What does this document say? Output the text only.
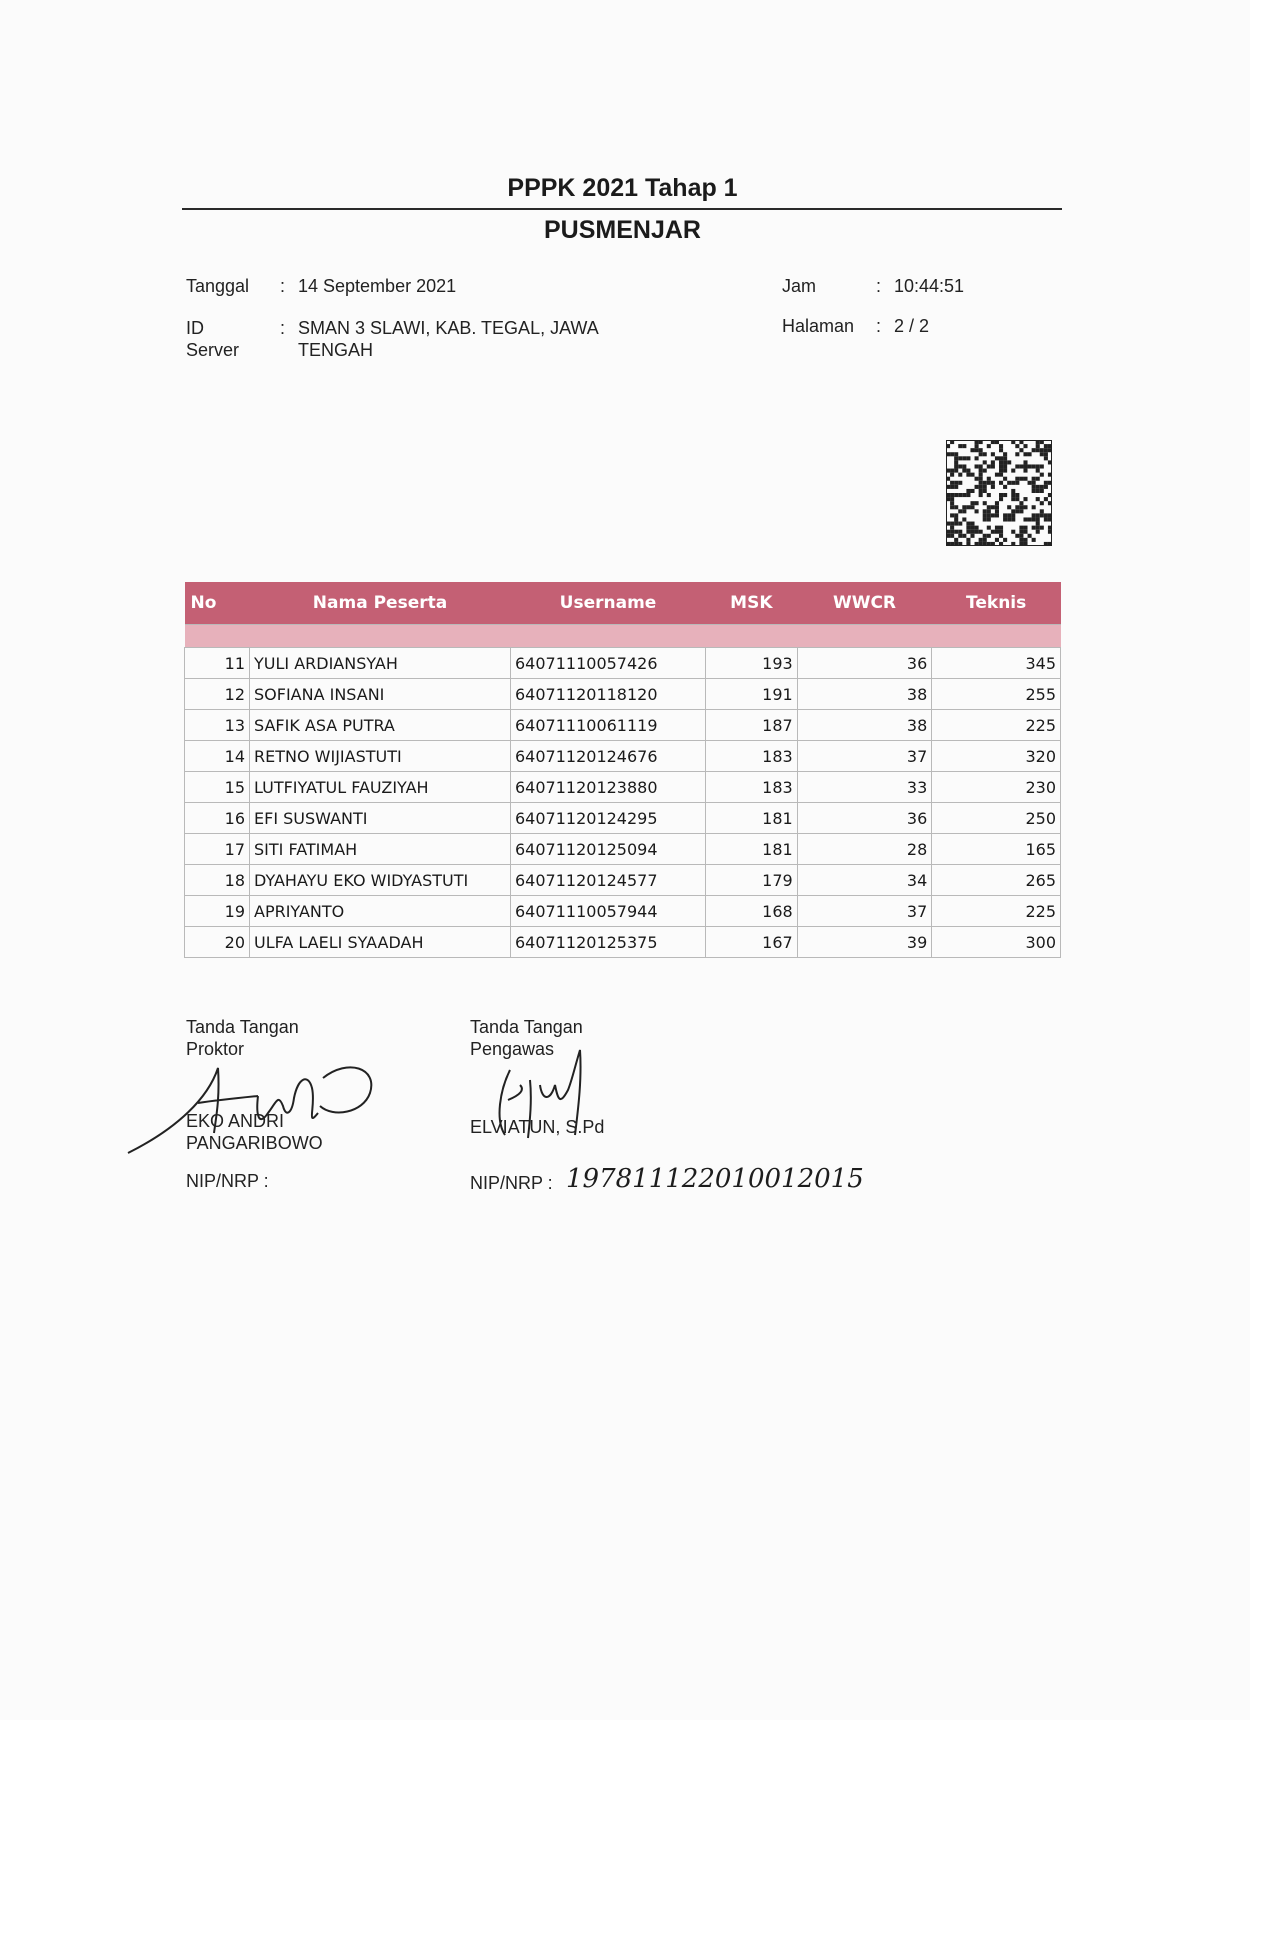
PPPK 2021 Tahap 1
PUSMENJAR
Tanggal : 14 September 2021
ID
Server
: SMAN 3 SLAWI, KAB. TEGAL, JAWA
TENGAH
Jam	: 10:44:51
Halaman : 2 / 2
No	Nama Peserta	Username	MSK	WWCR	Teknis

11	YULI ARDIANSYAH	64071110057426	193	36	345
12	SOFIANA INSANI	64071120118120	191	38	255
13	SAFIK ASA PUTRA	64071110061119	187	38	225
14	RETNO WIJIASTUTI	64071120124676	183	37	320
15	LUTFIYATUL FAUZIYAH	64071120123880	183	33	230
16	EFI SUSWANTI	64071120124295	181	36	250
17	SITI FATIMAH	64071120125094	181	28	165
18	DYAHAYU EKO WIDYASTUTI	64071120124577	179	34	265
19	APRIYANTO	64071110057944	168	37	225
20	ULFA LAELI SYAADAH	64071120125375	167	39	300
Tanda Tangan
Proktor
EKO ANDRI
PANGARIBOWO
NIP/NRP :
Tanda Tangan
Pengawas
ELVIATUN, S.Pd
NIP/NRP : 197811122010012015
